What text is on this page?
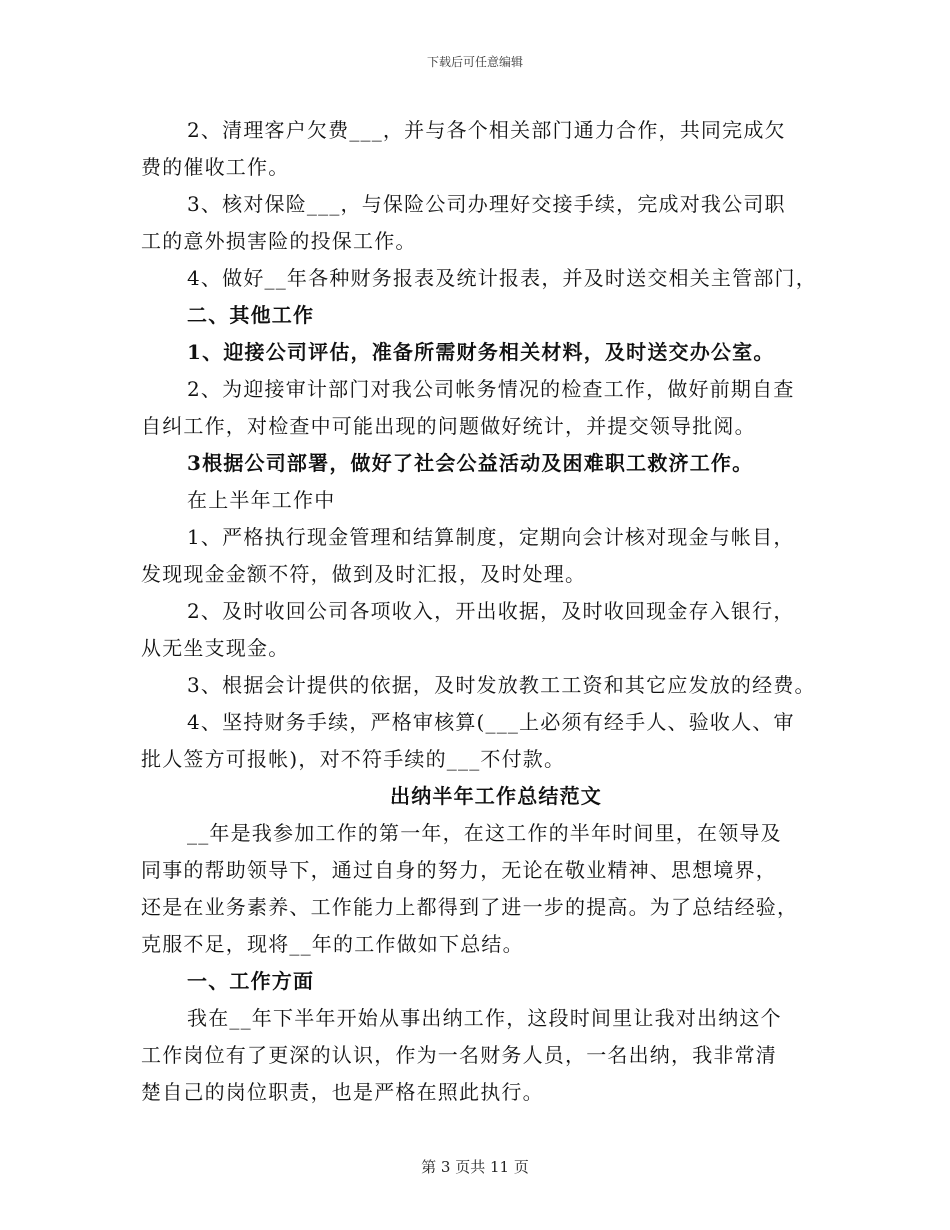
下载后可任意编辑
2、清理客户欠费___，并与各个相关部门通力合作，共同完成欠
费的催收工作。
3、核对保险___，与保险公司办理好交接手续，完成对我公司职
工的意外损害险的投保工作。
4、做好__年各种财务报表及统计报表，并及时送交相关主管部门，
二、其他工作
1、迎接公司评估，准备所需财务相关材料，及时送交办公室。
2、为迎接审计部门对我公司帐务情况的检查工作，做好前期自查
自纠工作，对检查中可能出现的问题做好统计，并提交领导批阅。
3根据公司部署，做好了社会公益活动及困难职工救济工作。
在上半年工作中
1、严格执行现金管理和结算制度，定期向会计核对现金与帐目，
发现现金金额不符，做到及时汇报，及时处理。
2、及时收回公司各项收入，开出收据，及时收回现金存入银行，
从无坐支现金。
3、根据会计提供的依据，及时发放教工工资和其它应发放的经费。
4、坚持财务手续，严格审核算(___上必须有经手人、验收人、审
批人签方可报帐)，对不符手续的___不付款。
出纳半年工作总结范文
__年是我参加工作的第一年，在这工作的半年时间里，在领导及
同事的帮助领导下，通过自身的努力，无论在敬业精神、思想境界，
还是在业务素养、工作能力上都得到了进一步的提高。为了总结经验，
克服不足，现将__年的工作做如下总结。
一、工作方面
我在__年下半年开始从事出纳工作，这段时间里让我对出纳这个
工作岗位有了更深的认识，作为一名财务人员，一名出纳，我非常清
楚自己的岗位职责，也是严格在照此执行。
第 3 页共 11 页
